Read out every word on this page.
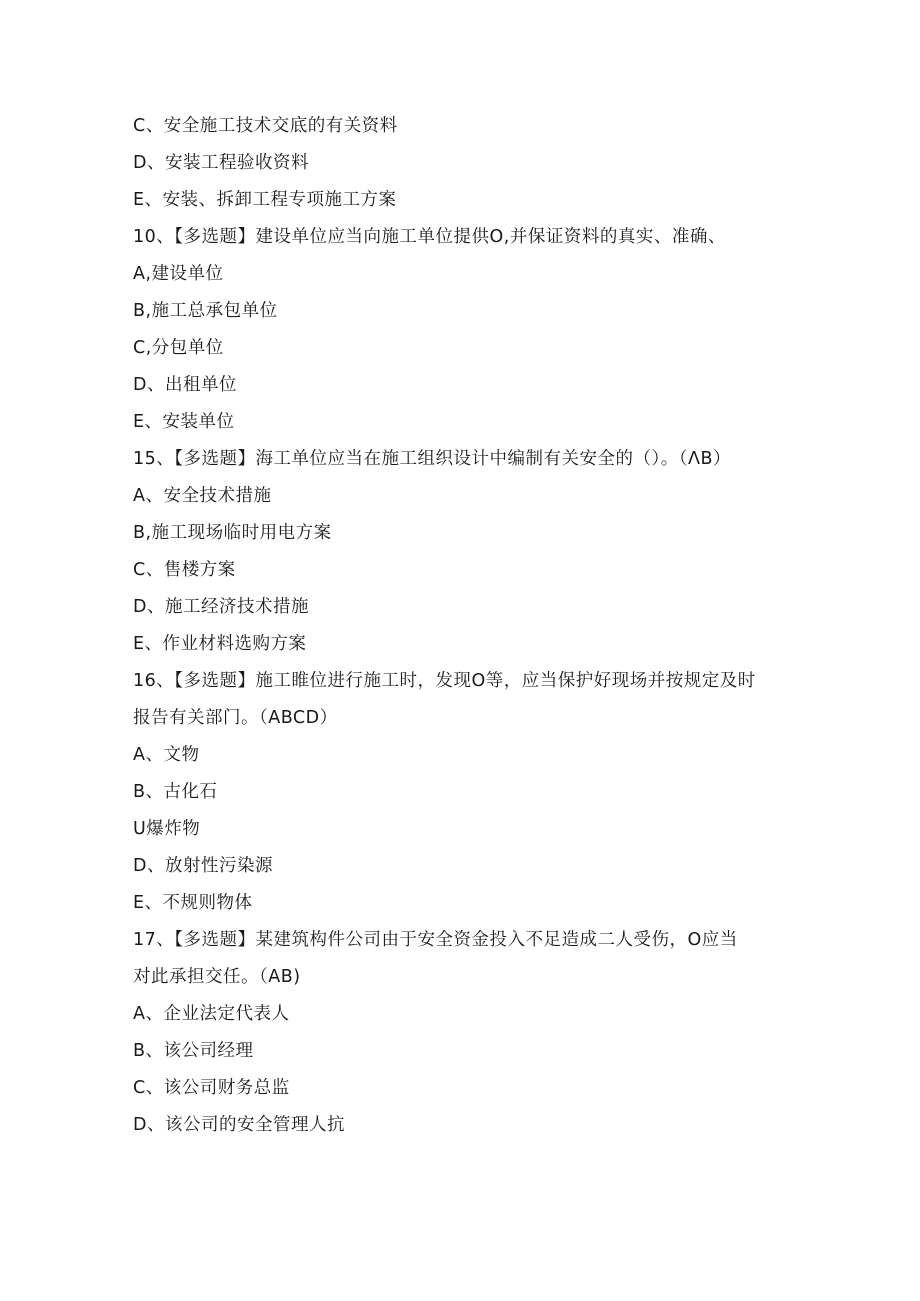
C、安全施工技术交底的有关资料
D、安装工程验收资料
E、安装、拆卸工程专项施工方案
10、【多选题】建设单位应当向施工单位提供O,并保证资料的真实、准确、
A,建设单位
B,施工总承包单位
C,分包单位
D、出租单位
E、安装单位
15、【多选题】海工单位应当在施工组织设计中编制有关安全的（）。（ΛB）
A、安全技术措施
B,施工现场临时用电方案
C、售楼方案
D、施工经济技术措施
E、作业材料选购方案
16、【多选题】施工睢位进行施工时，发现O等，应当保护好现场并按规定及时
报告有关部门。（ABCD）
A、文物
B、古化石
U爆炸物
D、放射性污染源
E、不规则物体
17、【多选题】某建筑构件公司由于安全资金投入不足造成二人受伤，O应当
对此承担交任。（AB)
A、企业法定代表人
B、该公司经理
C、该公司财务总监
D、该公司的安全管理人抗
